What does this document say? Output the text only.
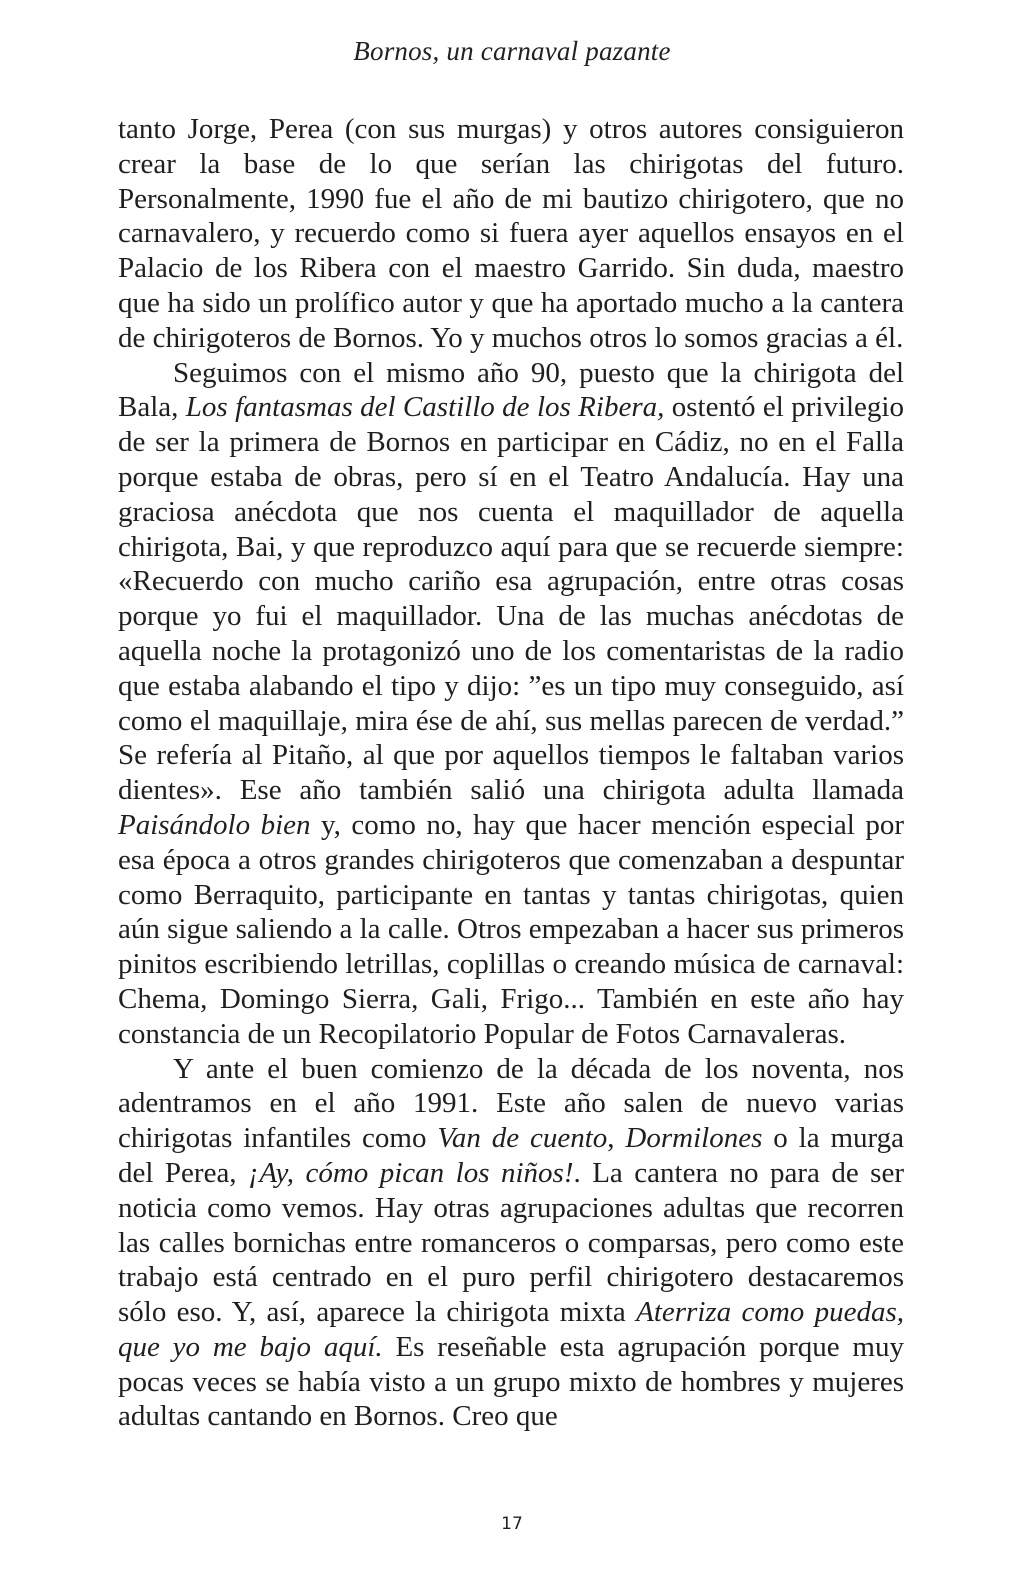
Bornos, un carnaval pazante

tanto Jorge, Perea (con sus murgas) y otros autores consiguieron crear la base de lo que serían las chirigotas del futuro. Personalmente, 1990 fue el año de mi bautizo chirigotero, que no carnavalero, y recuerdo como si fuera ayer aquellos ensayos en el Palacio de los Ribera con el maestro Garrido. Sin duda, maestro que ha sido un prolífico autor y que ha aportado mucho a la cantera de chirigoteros de Bornos. Yo y muchos otros lo somos gracias a él.

Seguimos con el mismo año 90, puesto que la chirigota del Bala, Los fantasmas del Castillo de los Ribera, ostentó el privilegio de ser la primera de Bornos en participar en Cádiz, no en el Falla porque estaba de obras, pero sí en el Teatro Andalucía. Hay una graciosa anécdota que nos cuenta el maquillador de aquella chirigota, Bai, y que reproduzco aquí para que se recuerde siempre: «Recuerdo con mucho cariño esa agrupación, entre otras cosas porque yo fui el maquillador. Una de las muchas anécdotas de aquella noche la protagonizó uno de los comentaristas de la radio que estaba alabando el tipo y dijo: ”es un tipo muy conseguido, así como el maquillaje, mira ése de ahí, sus mellas parecen de verdad.” Se refería al Pitaño, al que por aquellos tiempos le faltaban varios dientes». Ese año también salió una chirigota adulta llamada Paisándolo bien y, como no, hay que hacer mención especial por esa época a otros grandes chirigoteros que comenzaban a despuntar como Berraquito, participante en tantas y tantas chirigotas, quien aún sigue saliendo a la calle. Otros empezaban a hacer sus primeros pinitos escribiendo letrillas, coplillas o creando música de carnaval: Chema, Domingo Sierra, Gali, Frigo... También en este año hay constancia de un Recopilatorio Popular de Fotos Carnavaleras.

Y ante el buen comienzo de la década de los noventa, nos adentramos en el año 1991. Este año salen de nuevo varias chirigotas infantiles como Van de cuento, Dormilones o la murga del Perea, ¡Ay, cómo pican los niños!. La cantera no para de ser noticia como vemos. Hay otras agrupaciones adultas que recorren las calles bornichas entre romanceros o comparsas, pero como este trabajo está centrado en el puro perfil chirigotero destacaremos sólo eso. Y, así, aparece la chirigota mixta Aterriza como puedas, que yo me bajo aquí. Es reseñable esta agrupación porque muy pocas veces se había visto a un grupo mixto de hombres y mujeres adultas cantando en Bornos. Creo que

17
